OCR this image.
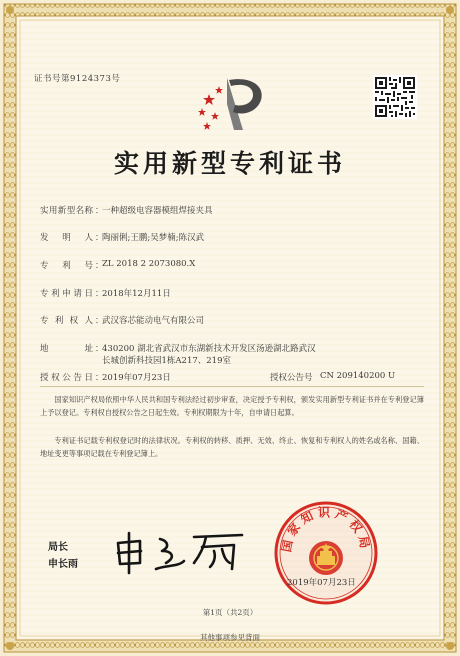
证书号第9124373号
实用新型专利证书
实用新型名称 ：
一种超级电容器模组焊接夹具
发明人 ：
陶丽俐;王鹏;吴梦楠;陈汉武
专利号 ：
ZL 2018 2 2073080.X
专利申请日 ：
2018年12月11日
专利权人 ：
武汉容芯能动电气有限公司
地址 ：
430200 湖北省武汉市东湖新技术开发区汤逊湖北路武汉
长城创新科技园1栋A217、219室
授权公告日 ：
2019年07月23日	授权公告号 CN 209140200 U

国家知识产权局依照中华人民共和国专利法经过初步审查，决定授予专利权，颁发实用新型专利证书并在专利登记簿上予以登记。专利权自授权公告之日起生效。专利权期限为十年，自申请日起算。

专利证书记载专利权登记时的法律状况。专利权的转移、质押、无效、终止、恢复和专利权人的姓名或名称、国籍、地址变更等事项记载在专利登记簿上。

局长
申长雨
国家知识产权局
2019年07月23日
第1页（共2页）
其他事项参见背面
